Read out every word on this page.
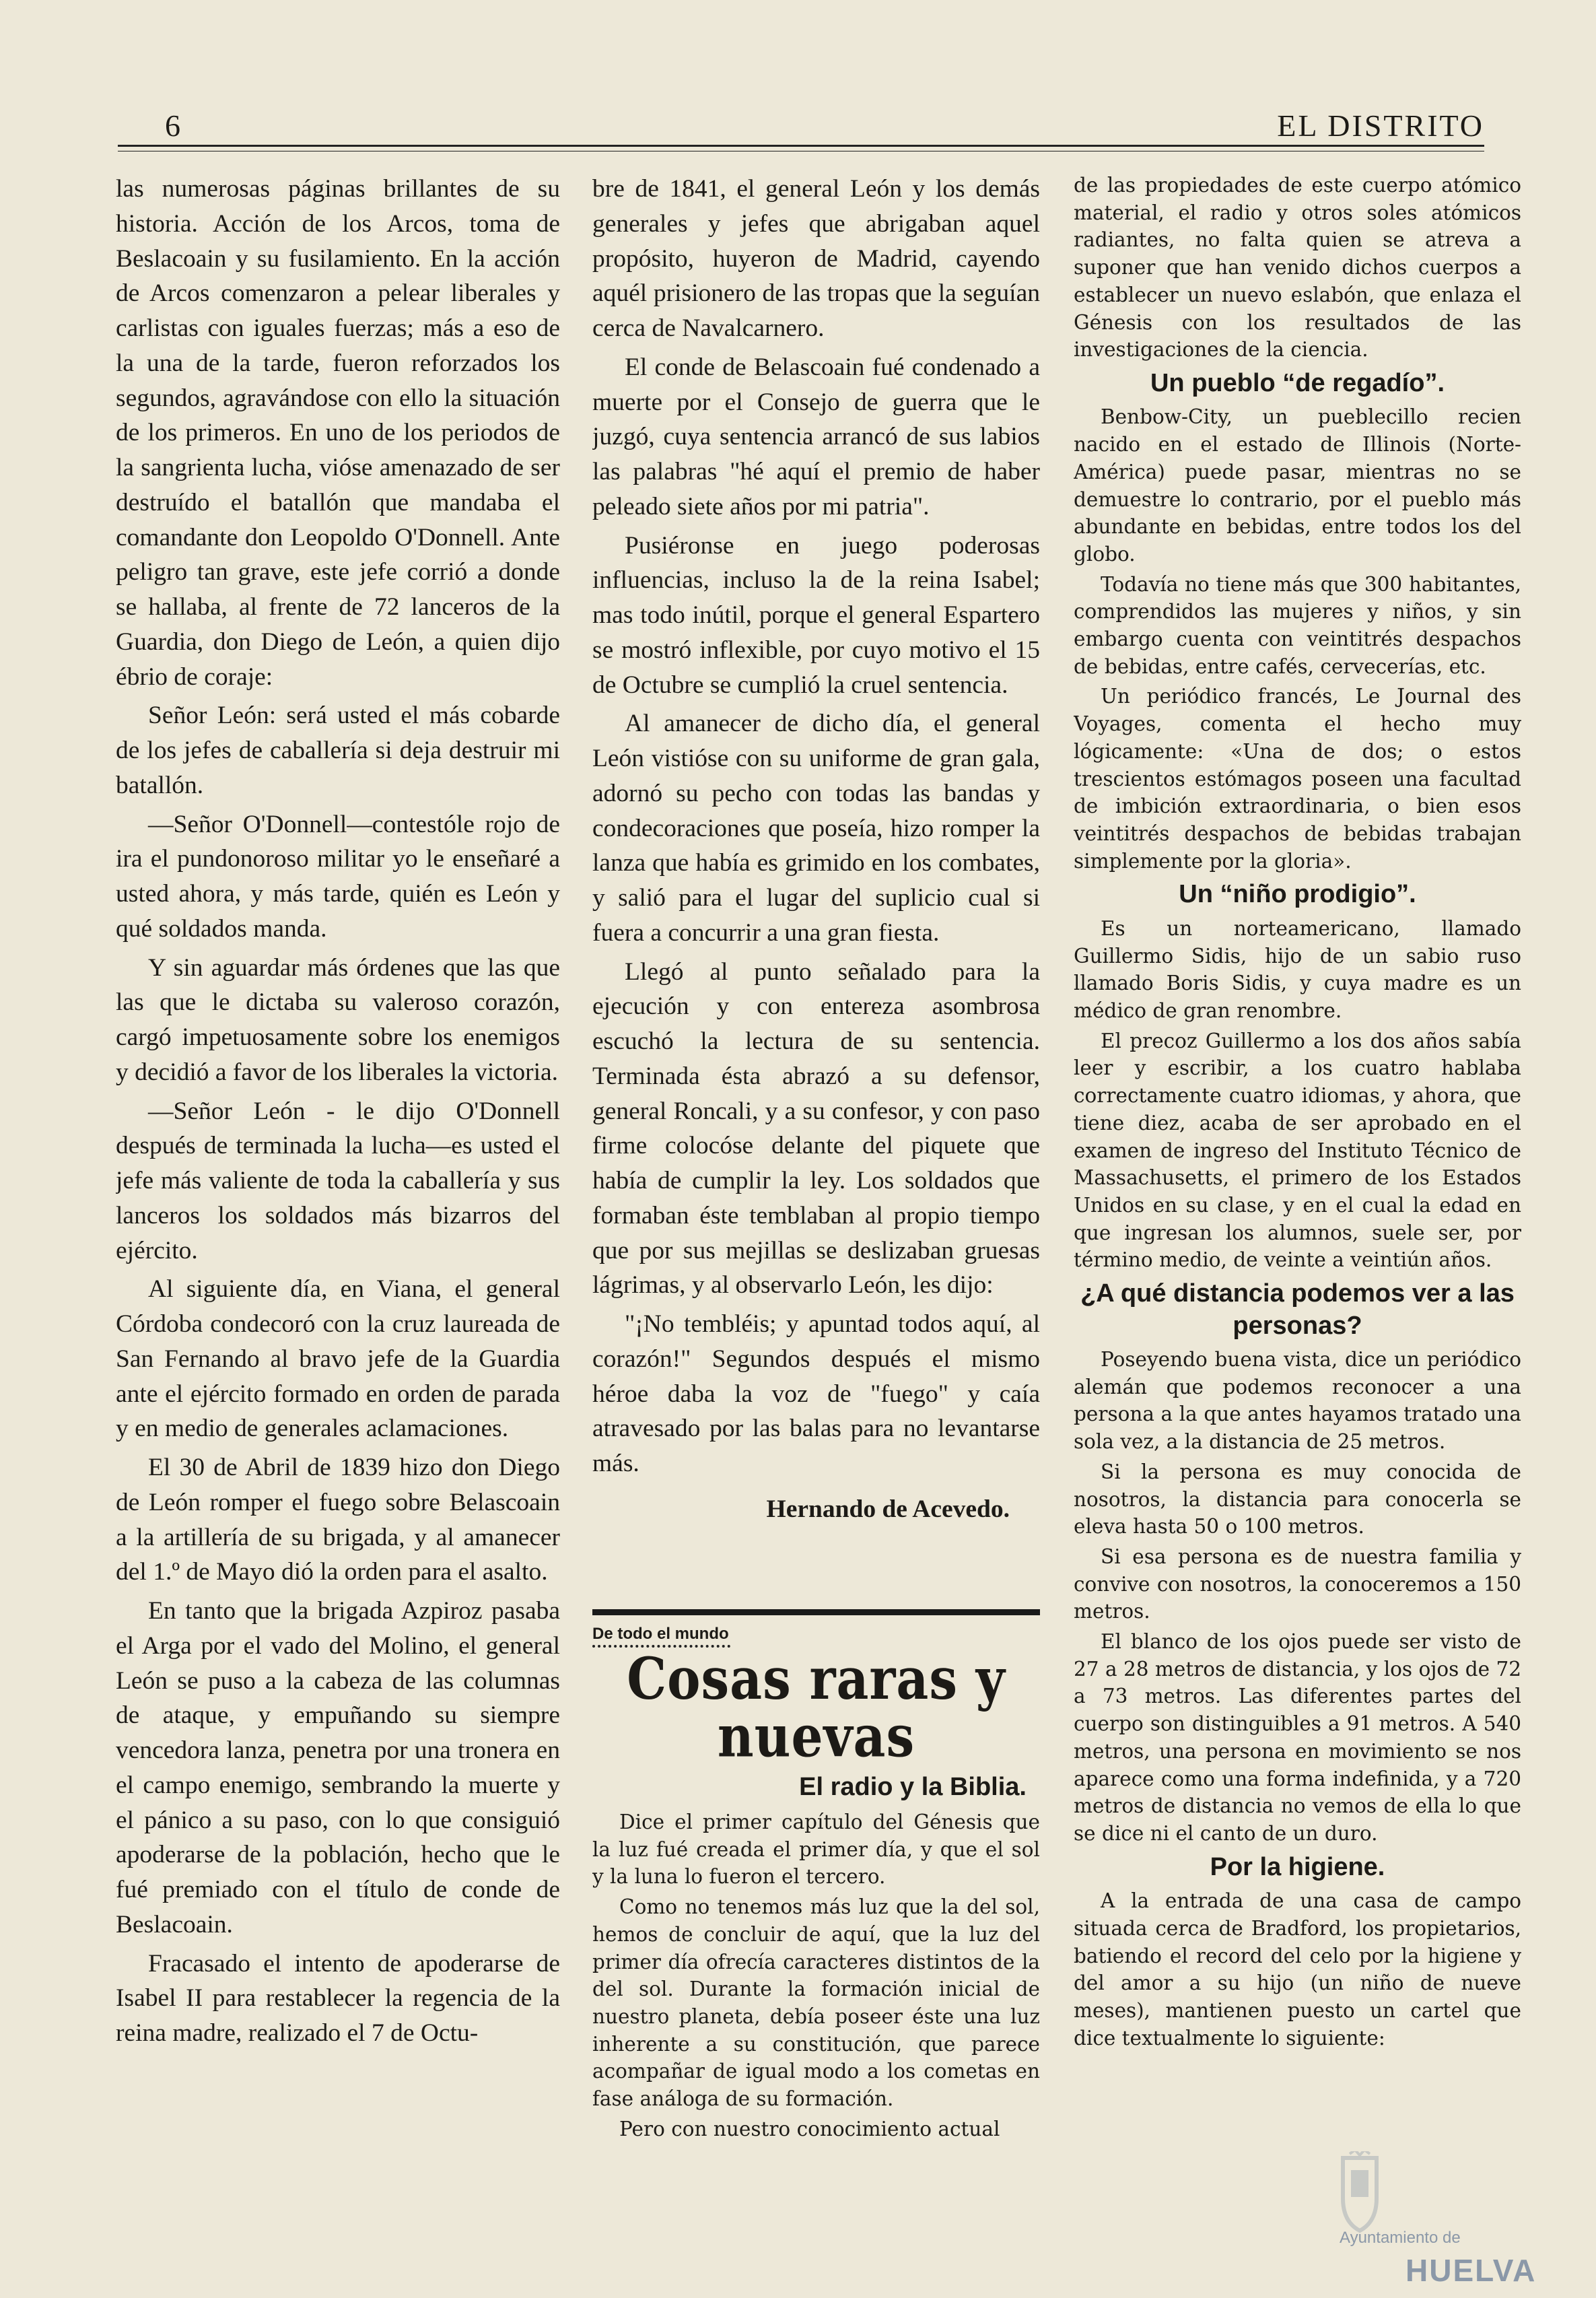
6	EL DISTRITO

las numerosas páginas brillantes de su historia. Acción de los Arcos, toma de Beslacoain y su fusilamiento. En la acción de Arcos comenzaron a pelear liberales y carlistas con iguales fuerzas; más a eso de la una de la tarde, fueron reforzados los segundos, agravándose con ello la situación de los primeros. En uno de los periodos de la sangrienta lucha, vióse amenazado de ser destruído el batallón que mandaba el comandante don Leopoldo O'Donnell. Ante peligro tan grave, este jefe corrió a donde se hallaba, al frente de 72 lanceros de la Guardia, don Diego de León, a quien dijo ébrio de coraje:

Señor León: será usted el más cobarde de los jefes de caballería si deja destruir mi batallón.

—Señor O'Donnell—contestóle rojo de ira el pundonoroso militar yo le enseñaré a usted ahora, y más tarde, quién es León y qué soldados manda.

Y sin aguardar más órdenes que las que las que le dictaba su valeroso corazón, cargó impetuosamente sobre los enemigos y decidió a favor de los liberales la victoria.

—Señor León - le dijo O'Donnell después de terminada la lucha—es usted el jefe más valiente de toda la caballería y sus lanceros los soldados más bizarros del ejército.

Al siguiente día, en Viana, el general Córdoba condecoró con la cruz laureada de San Fernando al bravo jefe de la Guardia ante el ejército formado en orden de parada y en medio de generales aclamaciones.

El 30 de Abril de 1839 hizo don Diego de León romper el fuego sobre Belascoain a la artillería de su brigada, y al amanecer del 1.º de Mayo dió la orden para el asalto.

En tanto que la brigada Azpiroz pasaba el Arga por el vado del Molino, el general León se puso a la cabeza de las columnas de ataque, y empuñando su siempre vencedora lanza, penetra por una tronera en el campo enemigo, sembrando la muerte y el pánico a su paso, con lo que consiguió apoderarse de la población, hecho que le fué premiado con el título de conde de Beslacoain.

Fracasado el intento de apoderarse de Isabel II para restablecer la regencia de la reina madre, realizado el 7 de Octu-

bre de 1841, el general León y los demás generales y jefes que abrigaban aquel propósito, huyeron de Madrid, cayendo aquél prisionero de las tropas que la seguían cerca de Navalcarnero.

El conde de Belascoain fué condenado a muerte por el Consejo de guerra que le juzgó, cuya sentencia arrancó de sus labios las palabras "hé aquí el premio de haber peleado siete años por mi patria".

Pusiéronse en juego poderosas influencias, incluso la de la reina Isabel; mas todo inútil, porque el general Espartero se mostró inflexible, por cuyo motivo el 15 de Octubre se cumplió la cruel sentencia.

Al amanecer de dicho día, el general León vistióse con su uniforme de gran gala, adornó su pecho con todas las bandas y condecoraciones que poseía, hizo romper la lanza que había es grimido en los combates, y salió para el lugar del suplicio cual si fuera a concurrir a una gran fiesta.

Llegó al punto señalado para la ejecución y con entereza asombrosa escuchó la lectura de su sentencia. Terminada ésta abrazó a su defensor, general Roncali, y a su confesor, y con paso firme colocóse delante del piquete que había de cumplir la ley. Los soldados que formaban éste temblaban al propio tiempo que por sus mejillas se deslizaban gruesas lágrimas, y al observarlo León, les dijo:

"¡No tembléis; y apuntad todos aquí, al corazón!" Segundos después el mismo héroe daba la voz de "fuego" y caía atravesado por las balas para no levantarse más.

Hernando de Acevedo.

De todo el mundo
Cosas raras y nuevas
El radio y la Biblia.

Dice el primer capítulo del Génesis que la luz fué creada el primer día, y que el sol y la luna lo fueron el tercero.

Como no tenemos más luz que la del sol, hemos de concluir de aquí, que la luz del primer día ofrecía caracteres distintos de la del sol. Durante la formación inicial de nuestro planeta, debía poseer éste una luz inherente a su constitución, que parece acompañar de igual modo a los cometas en fase análoga de su formación.

Pero con nuestro conocimiento actual

de las propiedades de este cuerpo atómico material, el radio y otros soles atómicos radiantes, no falta quien se atreva a suponer que han venido dichos cuerpos a establecer un nuevo eslabón, que enlaza el Génesis con los resultados de las investigaciones de la ciencia.

Un pueblo “de regadío”.

Benbow-City, un pueblecillo recien nacido en el estado de Illinois (Norte-América) puede pasar, mientras no se demuestre lo contrario, por el pueblo más abundante en bebidas, entre todos los del globo.

Todavía no tiene más que 300 habitantes, comprendidos las mujeres y niños, y sin embargo cuenta con veintitrés despachos de bebidas, entre cafés, cervecerías, etc.

Un periódico francés, Le Journal des Voyages, comenta el hecho muy lógicamente: «Una de dos; o estos trescientos estómagos poseen una facultad de imbición extraordinaria, o bien esos veintitrés despachos de bebidas trabajan simplemente por la gloria».

Un “niño prodigio”.

Es un norteamericano, llamado Guillermo Sidis, hijo de un sabio ruso llamado Boris Sidis, y cuya madre es un médico de gran renombre.

El precoz Guillermo a los dos años sabía leer y escribir, a los cuatro hablaba correctamente cuatro idiomas, y ahora, que tiene diez, acaba de ser aprobado en el examen de ingreso del Instituto Técnico de Massachusetts, el primero de los Estados Unidos en su clase, y en el cual la edad en que ingresan los alumnos, suele ser, por término medio, de veinte a veintiún años.

¿A qué distancia podemos ver a las personas?

Poseyendo buena vista, dice un periódico alemán que podemos reconocer a una persona a la que antes hayamos tratado una sola vez, a la distancia de 25 metros.

Si la persona es muy conocida de nosotros, la distancia para conocerla se eleva hasta 50 o 100 metros.

Si esa persona es de nuestra familia y convive con nosotros, la conoceremos a 150 metros.

El blanco de los ojos puede ser visto de 27 a 28 metros de distancia, y los ojos de 72 a 73 metros. Las diferentes partes del cuerpo son distinguibles a 91 metros. A 540 metros, una persona en movimiento se nos aparece como una forma indefinida, y a 720 metros de distancia no vemos de ella lo que se dice ni el canto de un duro.

Por la higiene.

A la entrada de una casa de campo situada cerca de Bradford, los propietarios, batiendo el record del celo por la higiene y del amor a su hijo (un niño de nueve meses), mantienen puesto un cartel que dice textualmente lo siguiente:

Ayuntamiento de
HUELVA
